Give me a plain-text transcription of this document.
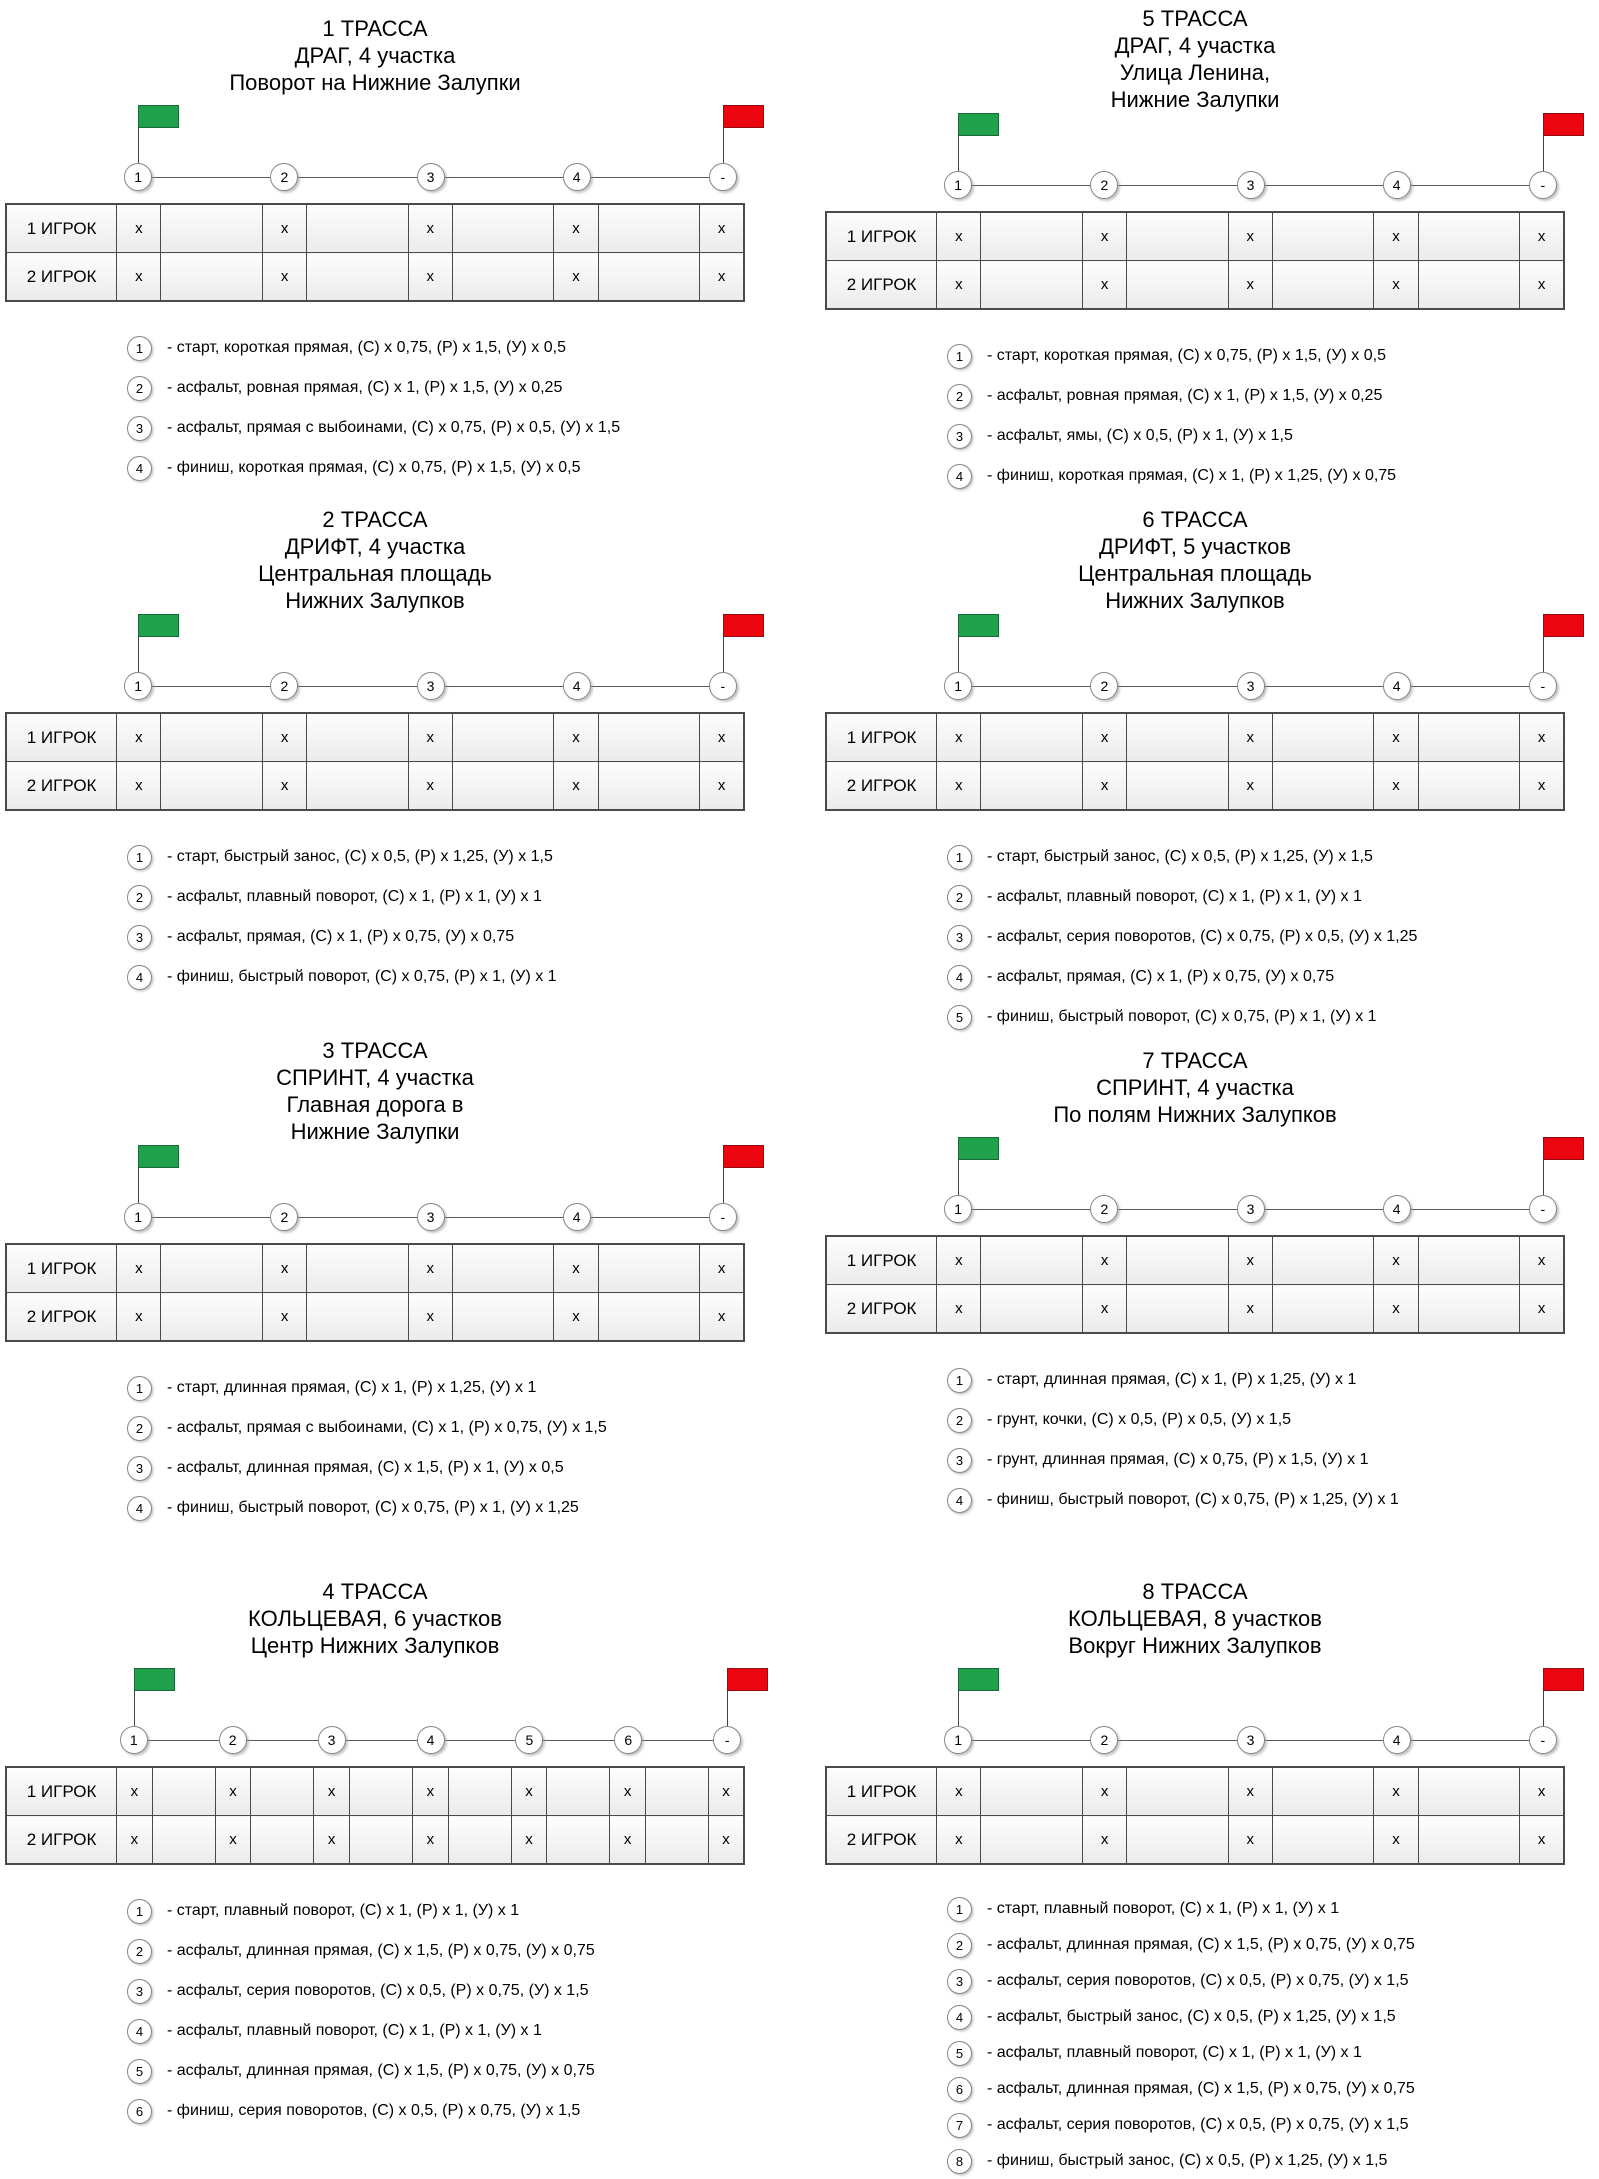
1 ТРАССА
ДРАГ, 4 участка
Поворот на Нижние Залупки
1	2	3	4	-
1 ИГРОК	х		х		х		х		х
2 ИГРОК	х		х		х		х		х
1	- старт, короткая прямая, (С) х 0,75, (Р) х 1,5, (У) х 0,5
2	- асфальт, ровная прямая, (С) х 1, (Р) х 1,5, (У) х 0,25
3	- асфальт, прямая с выбоинами, (С) х 0,75, (Р) х 0,5, (У) х 1,5
4	- финиш, короткая прямая, (С) х 0,75, (Р) х 1,5, (У) х 0,5
5 ТРАССА
ДРАГ, 4 участка
Улица Ленина,
Нижние Залупки
1	2	3	4	-
1 ИГРОК	х		х		х		х		х
2 ИГРОК	х		х		х		х		х
1	- старт, короткая прямая, (С) х 0,75, (Р) х 1,5, (У) х 0,5
2	- асфальт, ровная прямая, (С) х 1, (Р) х 1,5, (У) х 0,25
3	- асфальт, ямы, (С) х 0,5, (Р) х 1, (У) х 1,5
4	- финиш, короткая прямая, (С) х 1, (Р) х 1,25, (У) х 0,75
2 ТРАССА
ДРИФТ, 4 участка
Центральная площадь
Нижних Залупков
1	2	3	4	-
1 ИГРОК	х		х		х		х		х
2 ИГРОК	х		х		х		х		х
1	- старт, быстрый занос, (С) х 0,5, (Р) х 1,25, (У) х 1,5
2	- асфальт, плавный поворот, (С) х 1, (Р) х 1, (У) х 1
3	- асфальт, прямая, (С) х 1, (Р) х 0,75, (У) х 0,75
4	- финиш, быстрый поворот, (С) х 0,75, (Р) х 1, (У) х 1
6 ТРАССА
ДРИФТ, 5 участков
Центральная площадь
Нижних Залупков
1	2	3	4	-
1 ИГРОК	х		х		х		х		х
2 ИГРОК	х		х		х		х		х
1	- старт, быстрый занос, (С) х 0,5, (Р) х 1,25, (У) х 1,5
2	- асфальт, плавный поворот, (С) х 1, (Р) х 1, (У) х 1
3	- асфальт, серия поворотов, (С) х 0,75, (Р) х 0,5, (У) х 1,25
4	- асфальт, прямая, (С) х 1, (Р) х 0,75, (У) х 0,75
5	- финиш, быстрый поворот, (С) х 0,75, (Р) х 1, (У) х 1
3 ТРАССА
СПРИНТ, 4 участка
Главная дорога в
Нижние Залупки
1	2	3	4	-
1 ИГРОК	х		х		х		х		х
2 ИГРОК	х		х		х		х		х
1	- старт, длинная прямая, (С) х 1, (Р) х 1,25, (У) х 1
2	- асфальт, прямая с выбоинами, (С) х 1, (Р) х 0,75, (У) х 1,5
3	- асфальт, длинная прямая, (С) х 1,5, (Р) х 1, (У) х 0,5
4	- финиш, быстрый поворот, (С) х 0,75, (Р) х 1, (У) х 1,25
7 ТРАССА
СПРИНТ, 4 участка
По полям Нижних Залупков
1	2	3	4	-
1 ИГРОК	х		х		х		х		х
2 ИГРОК	х		х		х		х		х
1	- старт, длинная прямая, (С) х 1, (Р) х 1,25, (У) х 1
2	- грунт, кочки, (С) х 0,5, (Р) х 0,5, (У) х 1,5
3	- грунт, длинная прямая, (С) х 0,75, (Р) х 1,5, (У) х 1
4	- финиш, быстрый поворот, (С) х 0,75, (Р) х 1,25, (У) х 1
4 ТРАССА
КОЛЬЦЕВАЯ, 6 участков
Центр Нижних Залупков
1	2	3	4	5	6	-
1 ИГРОК	х		х		х		х		х		х		х
2 ИГРОК	х		х		х		х		х		х		х
1	- старт, плавный поворот, (С) х 1, (Р) х 1, (У) х 1
2	- асфальт, длинная прямая, (С) х 1,5, (Р) х 0,75, (У) х 0,75
3	- асфальт, серия поворотов, (С) х 0,5, (Р) х 0,75, (У) х 1,5
4	- асфальт, плавный поворот, (С) х 1, (Р) х 1, (У) х 1
5	- асфальт, длинная прямая, (С) х 1,5, (Р) х 0,75, (У) х 0,75
6	- финиш, серия поворотов, (С) х 0,5, (Р) х 0,75, (У) х 1,5
8 ТРАССА
КОЛЬЦЕВАЯ, 8 участков
Вокруг Нижних Залупков
1	2	3	4	-
1 ИГРОК	х		х		х		х		х
2 ИГРОК	х		х		х		х		х
1	- старт, плавный поворот, (С) х 1, (Р) х 1, (У) х 1
2	- асфальт, длинная прямая, (С) х 1,5, (Р) х 0,75, (У) х 0,75
3	- асфальт, серия поворотов, (С) х 0,5, (Р) х 0,75, (У) х 1,5
4	- асфальт, быстрый занос, (С) х 0,5, (Р) х 1,25, (У) х 1,5
5	- асфальт, плавный поворот, (С) х 1, (Р) х 1, (У) х 1
6	- асфальт, длинная прямая, (С) х 1,5, (Р) х 0,75, (У) х 0,75
7	- асфальт, серия поворотов, (С) х 0,5, (Р) х 0,75, (У) х 1,5
8	- финиш, быстрый занос, (С) х 0,5, (Р) х 1,25, (У) х 1,5
